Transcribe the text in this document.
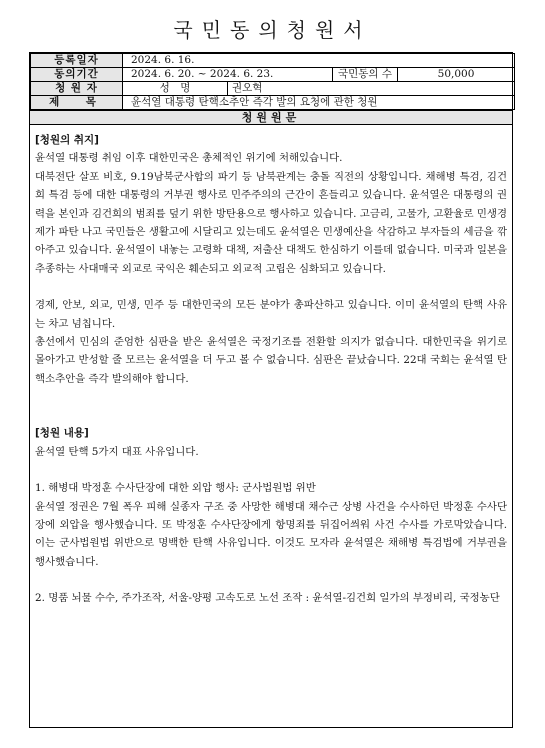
국민동의청원서
등록일자	2024. 6. 16.			
동의기간	2024. 6. 20. ~ 2024. 6. 23.		국민동의 수	50,000
청 원 자	성　명	권오혁		
제　목	윤석열 대통령 탄핵소추안 즉각 발의 요청에 관한 청원			
청원원문
[청원의 취지]
윤석열 대통령 취임 이후 대한민국은 총체적인 위기에 처해있습니다.
대북전단 살포 비호, 9.19남북군사합의 파기 등 남북관계는 충돌 직전의 상황입니다. 채해병 특검, 김건희 특검 등에 대한 대통령의 거부권 행사로 민주주의의 근간이 흔들리고 있습니다. 윤석열은 대통령의 권력을 본인과 김건희의 범죄를 덮기 위한 방탄용으로 행사하고 있습니다. 고금리, 고물가, 고환율로 민생경제가 파탄 나고 국민들은 생활고에 시달리고 있는데도 윤석열은 민생예산을 삭감하고 부자들의 세금을 깎아주고 있습니다. 윤석열이 내놓는 고령화 대책, 저출산 대책도 한심하기 이를데 없습니다. 미국과 일본을 추종하는 사대매국 외교로 국익은 훼손되고 외교적 고립은 심화되고 있습니다.
경제, 안보, 외교, 민생, 민주 등 대한민국의 모든 분야가 총파산하고 있습니다. 이미 윤석열의 탄핵 사유는 차고 넘칩니다.
총선에서 민심의 준엄한 심판을 받은 윤석열은 국정기조를 전환할 의지가 없습니다. 대한민국을 위기로 몰아가고 반성할 줄 모르는 윤석열을 더 두고 볼 수 없습니다. 심판은 끝났습니다. 22대 국회는 윤석열 탄핵소추안을 즉각 발의해야 합니다.
[청원 내용]
윤석열 탄핵 5가지 대표 사유입니다.
1. 해병대 박정훈 수사단장에 대한 외압 행사: 군사법원법 위반
윤석열 정권은 7월 폭우 피해 실종자 구조 중 사망한 해병대 채수근 상병 사건을 수사하던 박정훈 수사단장에 외압을 행사했습니다. 또 박정훈 수사단장에게 항명죄를 뒤집어씌워 사건 수사를 가로막았습니다. 이는 군사법원법 위반으로 명백한 탄핵 사유입니다. 이것도 모자라 윤석열은 채해병 특검법에 거부권을 행사했습니다.
2. 명품 뇌물 수수, 주가조작, 서울-양평 고속도로 노선 조작 : 윤석열-김건희 일가의 부정비리, 국정농단
